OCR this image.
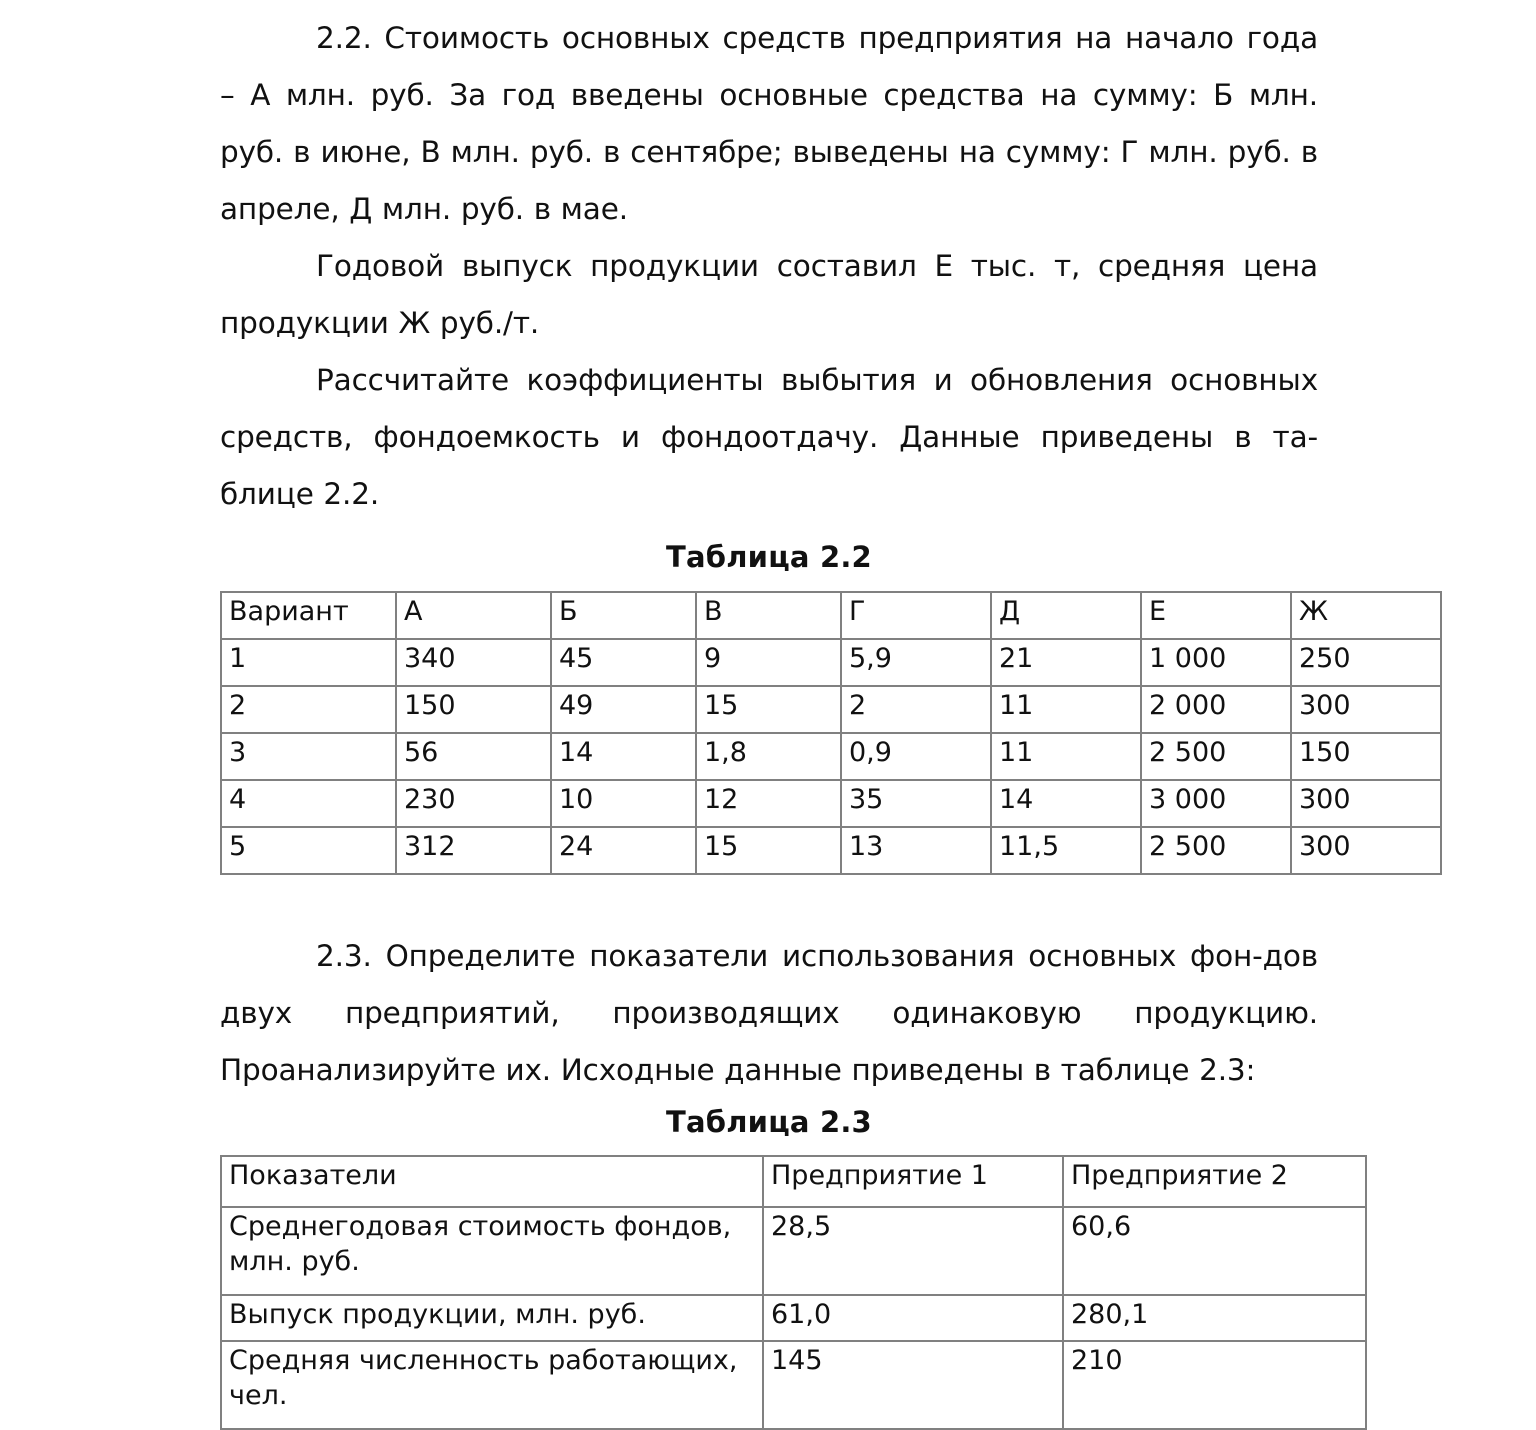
2.2. Стоимость основных средств предприятия на начало года – А млн. руб. За год введены основные средства на сумму: Б млн. руб. в июне, В млн. руб. в сентябре; выведены на сумму: Г млн. руб. в апреле, Д млн. руб. в мае.

Годовой выпуск продукции составил Е тыс. т, средняя цена продукции Ж руб./т.

Рассчитайте коэффициенты выбытия и обновления основных средств, фондоемкость и фондоотдачу. Данные приведены в та-блице 2.2.

Таблица 2.2

Вариант	А	Б	В	Г	Д	Е	Ж
1	340	45	9	5,9	21	1 000	250
2	150	49	15	2	11	2 000	300
3	56	14	1,8	0,9	11	2 500	150
4	230	10	12	35	14	3 000	300
5	312	24	15	13	11,5	2 500	300

2.3. Определите показатели использования основных фон-дов двух предприятий, производящих одинаковую продукцию. Проанализируйте их. Исходные данные приведены в таблице 2.3:

Таблица 2.3

Показатели	Предприятие 1	Предприятие 2
Среднегодовая стоимость фондов, млн. руб.	28,5	60,6
Выпуск продукции, млн. руб.	61,0	280,1
Средняя численность работающих, чел.	145	210
